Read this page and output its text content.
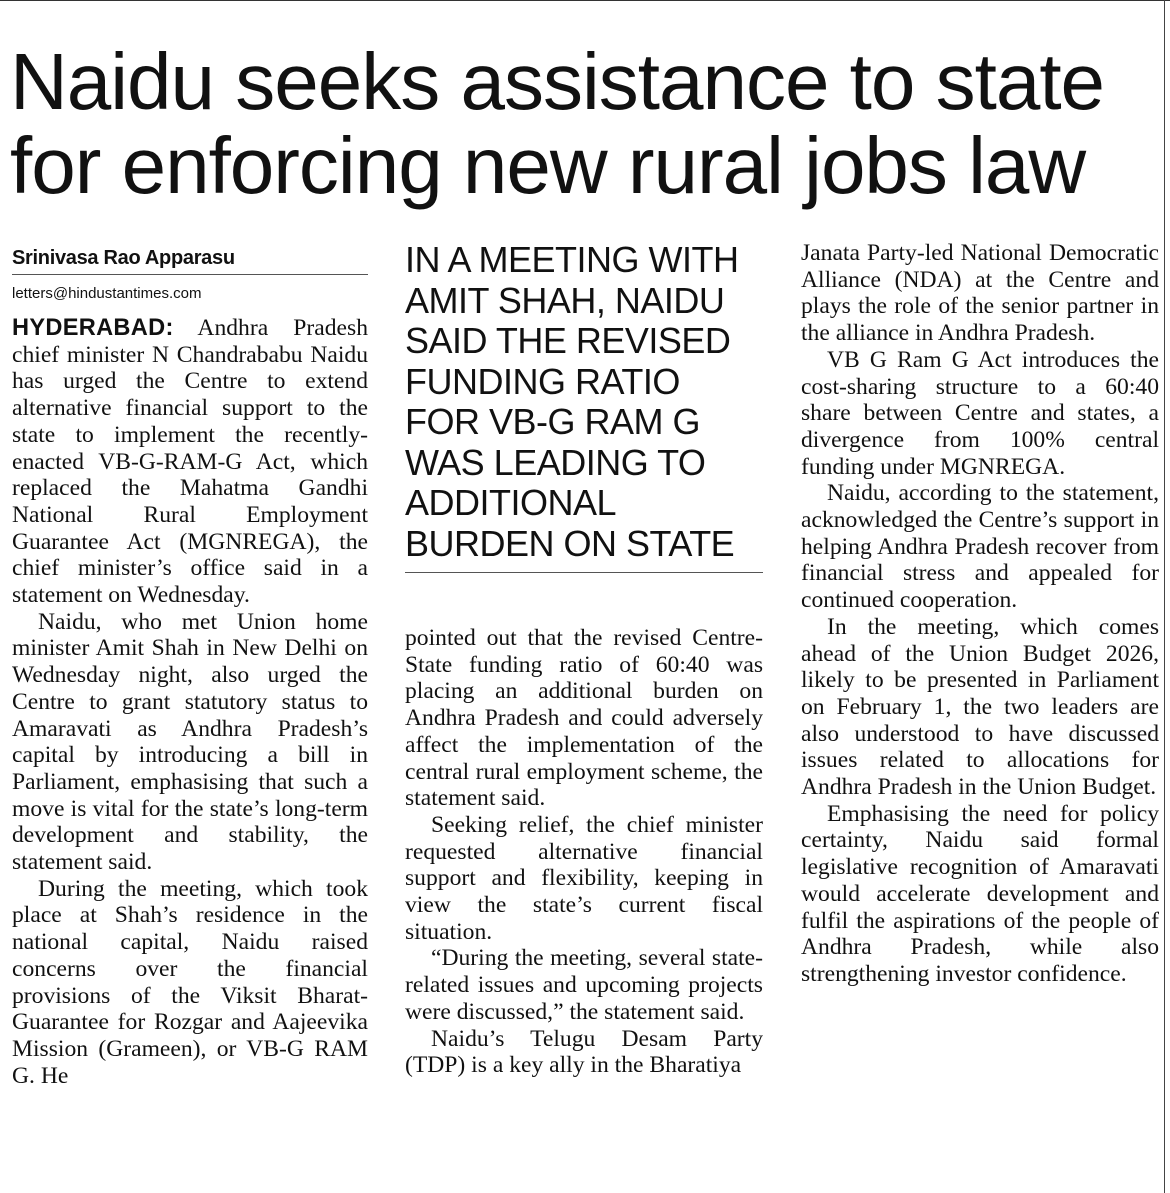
Naidu seeks assistance to state
for enforcing new rural jobs law
Srinivasa Rao Apparasu
letters@hindustantimes.com

HYDERABAD: Andhra Pradesh chief minister N Chandrababu Naidu has urged the Centre to extend alternative financial support to the state to implement the recently-enacted VB-G-RAM-G Act, which replaced the Mahatma Gandhi National Rural Employment Guarantee Act (MGNREGA), the chief minister’s office said in a statement on Wednesday.

Naidu, who met Union home minister Amit Shah in New Delhi on Wednesday night, also urged the Centre to grant statutory status to Amaravati as Andhra Pradesh’s capital by introducing a bill in Parliament, emphasising that such a move is vital for the state’s long-term development and stability, the statement said.

During the meeting, which took place at Shah’s residence in the national capital, Naidu raised concerns over the financial provisions of the Viksit Bharat-Guarantee for Rozgar and Aajeevika Mission (Grameen), or VB-G RAM G. He

IN A MEETING WITH AMIT SHAH, NAIDU SAID THE REVISED FUNDING RATIO FOR VB-G RAM G WAS LEADING TO ADDITIONAL BURDEN ON STATE

pointed out that the revised Centre-State funding ratio of 60:40 was placing an additional burden on Andhra Pradesh and could adversely affect the implementation of the central rural employment scheme, the statement said.

Seeking relief, the chief minister requested alternative financial support and flexibility, keeping in view the state’s current fiscal situation.

“During the meeting, several state-related issues and upcoming projects were discussed,” the statement said.

Naidu’s Telugu Desam Party (TDP) is a key ally in the Bharatiya

Janata Party-led National Democratic Alliance (NDA) at the Centre and plays the role of the senior partner in the alliance in Andhra Pradesh.

VB G Ram G Act introduces the cost-sharing structure to a 60:40 share between Centre and states, a divergence from 100% central funding under MGNREGA.

Naidu, according to the statement, acknowledged the Centre’s support in helping Andhra Pradesh recover from financial stress and appealed for continued cooperation.

In the meeting, which comes ahead of the Union Budget 2026, likely to be presented in Parliament on February 1, the two leaders are also understood to have discussed issues related to allocations for Andhra Pradesh in the Union Budget.

Emphasising the need for policy certainty, Naidu said formal legislative recognition of Amaravati would accelerate development and fulfil the aspirations of the people of Andhra Pradesh, while also strengthening investor confidence.
